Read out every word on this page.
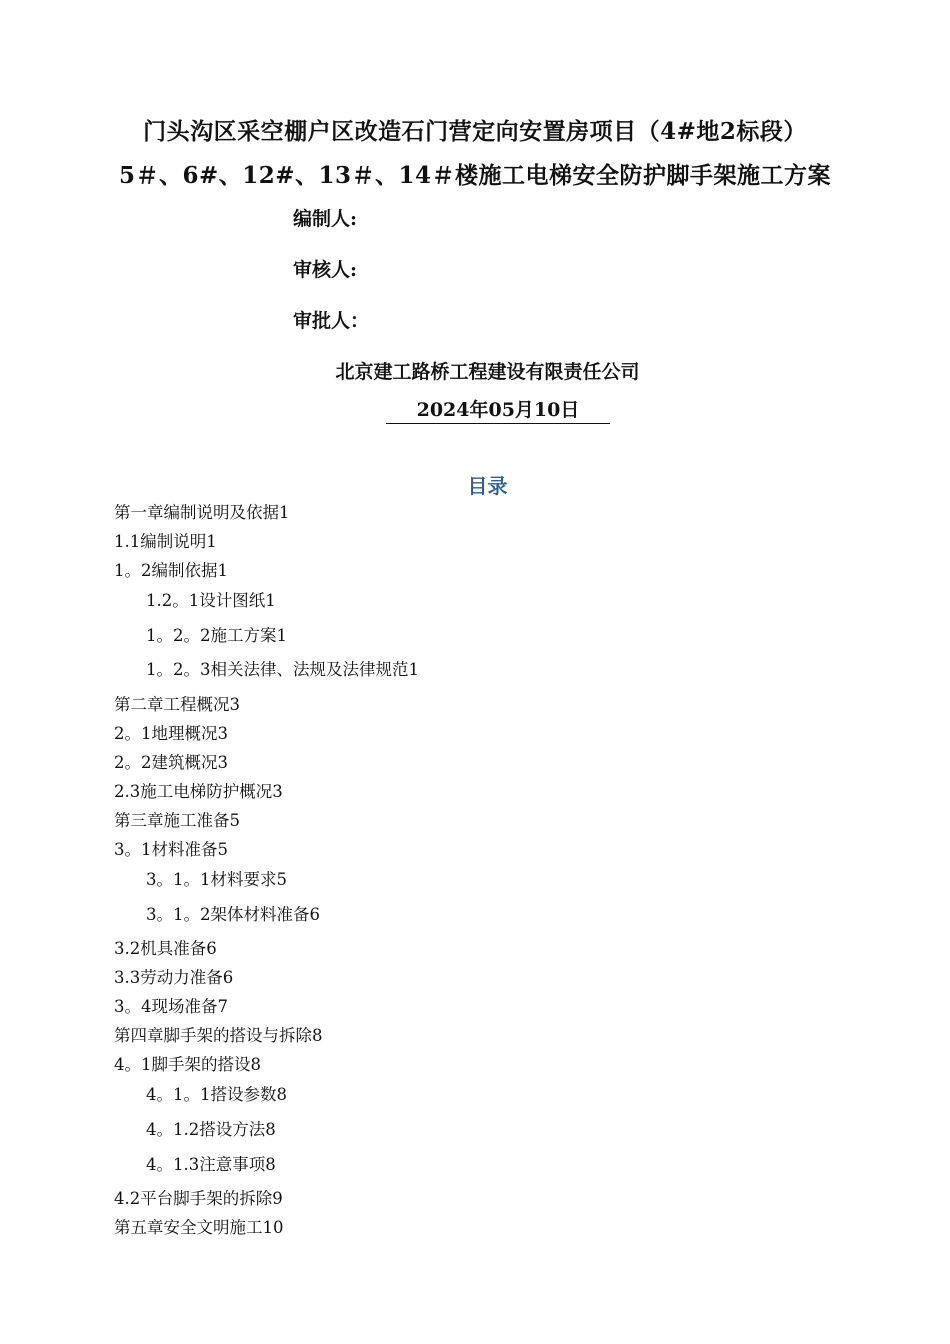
门头沟区采空棚户区改造石门营定向安置房项目（4#地2标段）
5＃、6#、12#、13＃、14＃楼施工电梯安全防护脚手架施工方案
编制人:
审核人:
审批人：
北京建工路桥工程建设有限责任公司
2024年05月10日
目录
第一章编制说明及依据1
1.1编制说明1
1。2编制依据1
1.2。1设计图纸1
1。2。2施工方案1
1。2。3相关法律、法规及法律规范1
第二章工程概况3
2。1地理概况3
2。2建筑概况3
2.3施工电梯防护概况3
第三章施工准备5
3。1材料准备5
3。1。1材料要求5
3。1。2架体材料准备6
3.2机具准备6
3.3劳动力准备6
3。4现场准备7
第四章脚手架的搭设与拆除8
4。1脚手架的搭设8
4。1。1搭设参数8
4。1.2搭设方法8
4。1.3注意事项8
4.2平台脚手架的拆除9
第五章安全文明施工10
